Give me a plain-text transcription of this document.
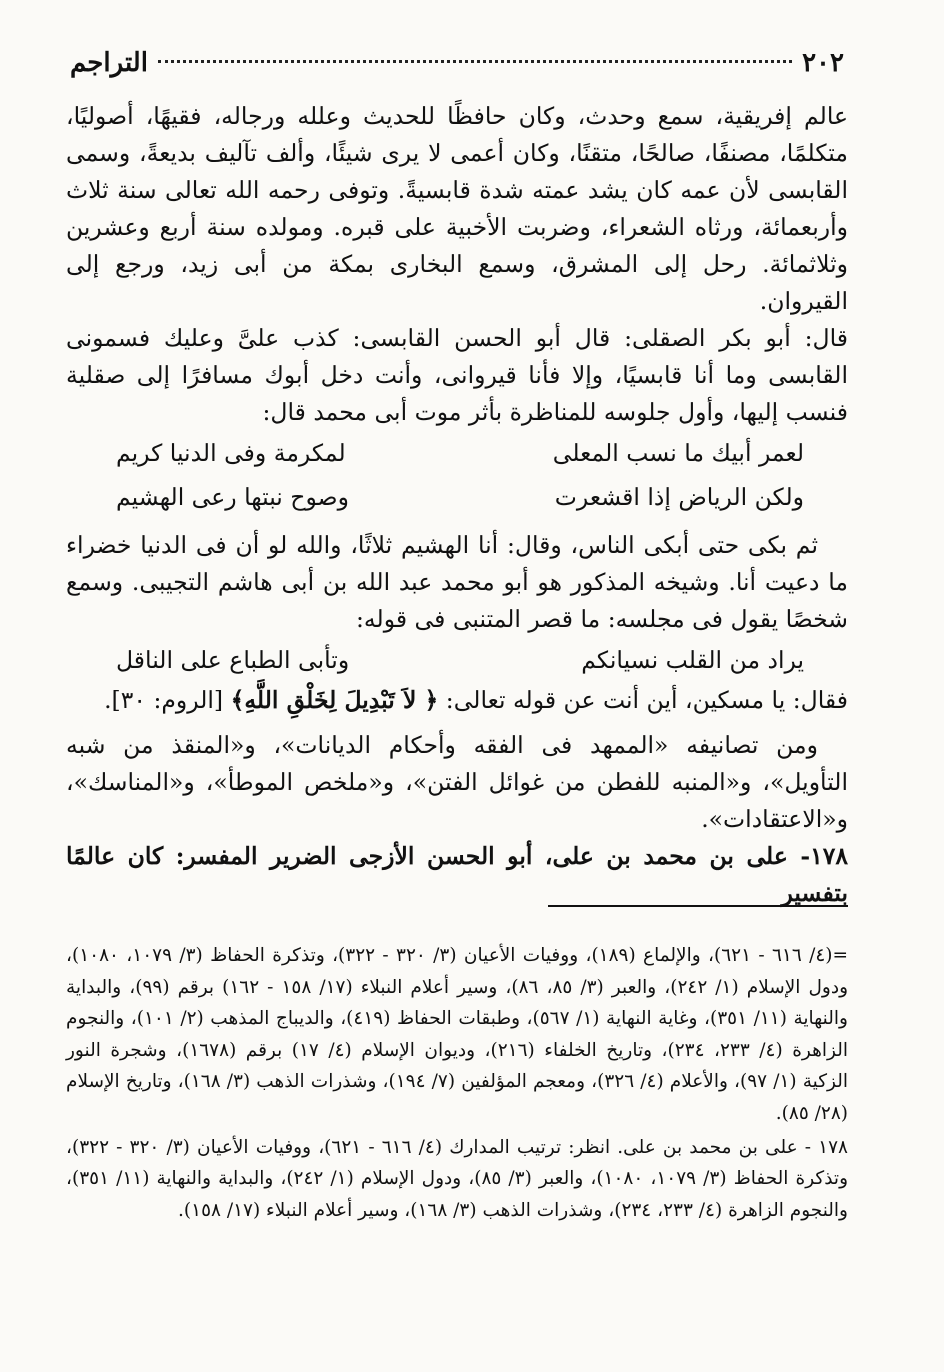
٢٠٢
التراجم

عالم إفريقية، سمع وحدث، وكان حافظًا للحديث وعلله ورجاله، فقيهًا، أصوليًا، متكلمًا، مصنفًا، صالحًا، متقنًا، وكان أعمى لا يرى شيئًا، وألف تآليف بديعةً، وسمى القابسى لأن عمه كان يشد عمته شدة قابسيةً. وتوفى رحمه الله تعالى سنة ثلاث وأربعمائة، ورثاه الشعراء، وضربت الأخبية على قبره. ومولده سنة أربع وعشرين وثلاثمائة. رحل إلى المشرق، وسمع البخارى بمكة من أبى زيد، ورجع إلى القيروان.

قال: أبو بكر الصقلى: قال أبو الحسن القابسى: كذب علىَّ وعليك فسمونى القابسى وما أنا قابسيًا، وإلا فأنا قيروانى، وأنت دخل أبوك مسافرًا إلى صقلية فنسب إليها، وأول جلوسه للمناظرة بأثر موت أبى محمد قال:

لعمر أبيك ما نسب المعلى
لمكرمة وفى الدنيا كريم
ولكن الرياض إذا اقشعرت
وصوح نبتها رعى الهشيم

ثم بكى حتى أبكى الناس، وقال: أنا الهشيم ثلاثًا، والله لو أن فى الدنيا خضراء ما دعيت أنا. وشيخه المذكور هو أبو محمد عبد الله بن أبى هاشم التجيبى. وسمع شخصًا يقول فى مجلسه: ما قصر المتنبى فى قوله:

يراد من القلب نسيانكم
وتأبى الطباع على الناقل

فقال: يا مسكين، أين أنت عن قوله تعالى: ﴿ لاَ تَبْدِيلَ لِخَلْقِ اللَّهِ﴾ [الروم: ٣٠].

ومن تصانيفه «الممهد فى الفقه وأحكام الديانات»، و«المنقذ من شبه التأويل»، و«المنبه للفطن من غوائل الفتن»، و«ملخص الموطأ»، و«المناسك»، و«الاعتقادات».

١٧٨- على بن محمد بن على، أبو الحسن الأزجى الضرير المفسر: كان عالمًا بتفسير

=(٤/ ٦١٦ - ٦٢١)، والإلماع (١٨٩)، ووفيات الأعيان (٣/ ٣٢٠ - ٣٢٢)، وتذكرة الحفاظ (٣/ ١٠٧٩، ١٠٨٠)، ودول الإسلام (١/ ٢٤٢)، والعبر (٣/ ٨٥، ٨٦)، وسير أعلام النبلاء (١٧/ ١٥٨ - ١٦٢) برقم (٩٩)، والبداية والنهاية (١١/ ٣٥١)، وغاية النهاية (١/ ٥٦٧)، وطبقات الحفاظ (٤١٩)، والديباج المذهب (٢/ ١٠١)، والنجوم الزاهرة (٤/ ٢٣٣، ٢٣٤)، وتاريخ الخلفاء (٢١٦)، وديوان الإسلام (٤/ ١٧) برقم (١٦٧٨)، وشجرة النور الزكية (١/ ٩٧)، والأعلام (٤/ ٣٢٦)، ومعجم المؤلفين (٧/ ١٩٤)، وشذرات الذهب (٣/ ١٦٨)، وتاريخ الإسلام (٢٨/ ٨٥).

١٧٨ - على بن محمد بن على. انظر: ترتيب المدارك (٤/ ٦١٦ - ٦٢١)، ووفيات الأعيان (٣/ ٣٢٠ - ٣٢٢)، وتذكرة الحفاظ (٣/ ١٠٧٩، ١٠٨٠)، والعبر (٣/ ٨٥)، ودول الإسلام (١/ ٢٤٢)، والبداية والنهاية (١١/ ٣٥١)، والنجوم الزاهرة (٤/ ٢٣٣، ٢٣٤)، وشذرات الذهب (٣/ ١٦٨)، وسير أعلام النبلاء (١٧/ ١٥٨).
